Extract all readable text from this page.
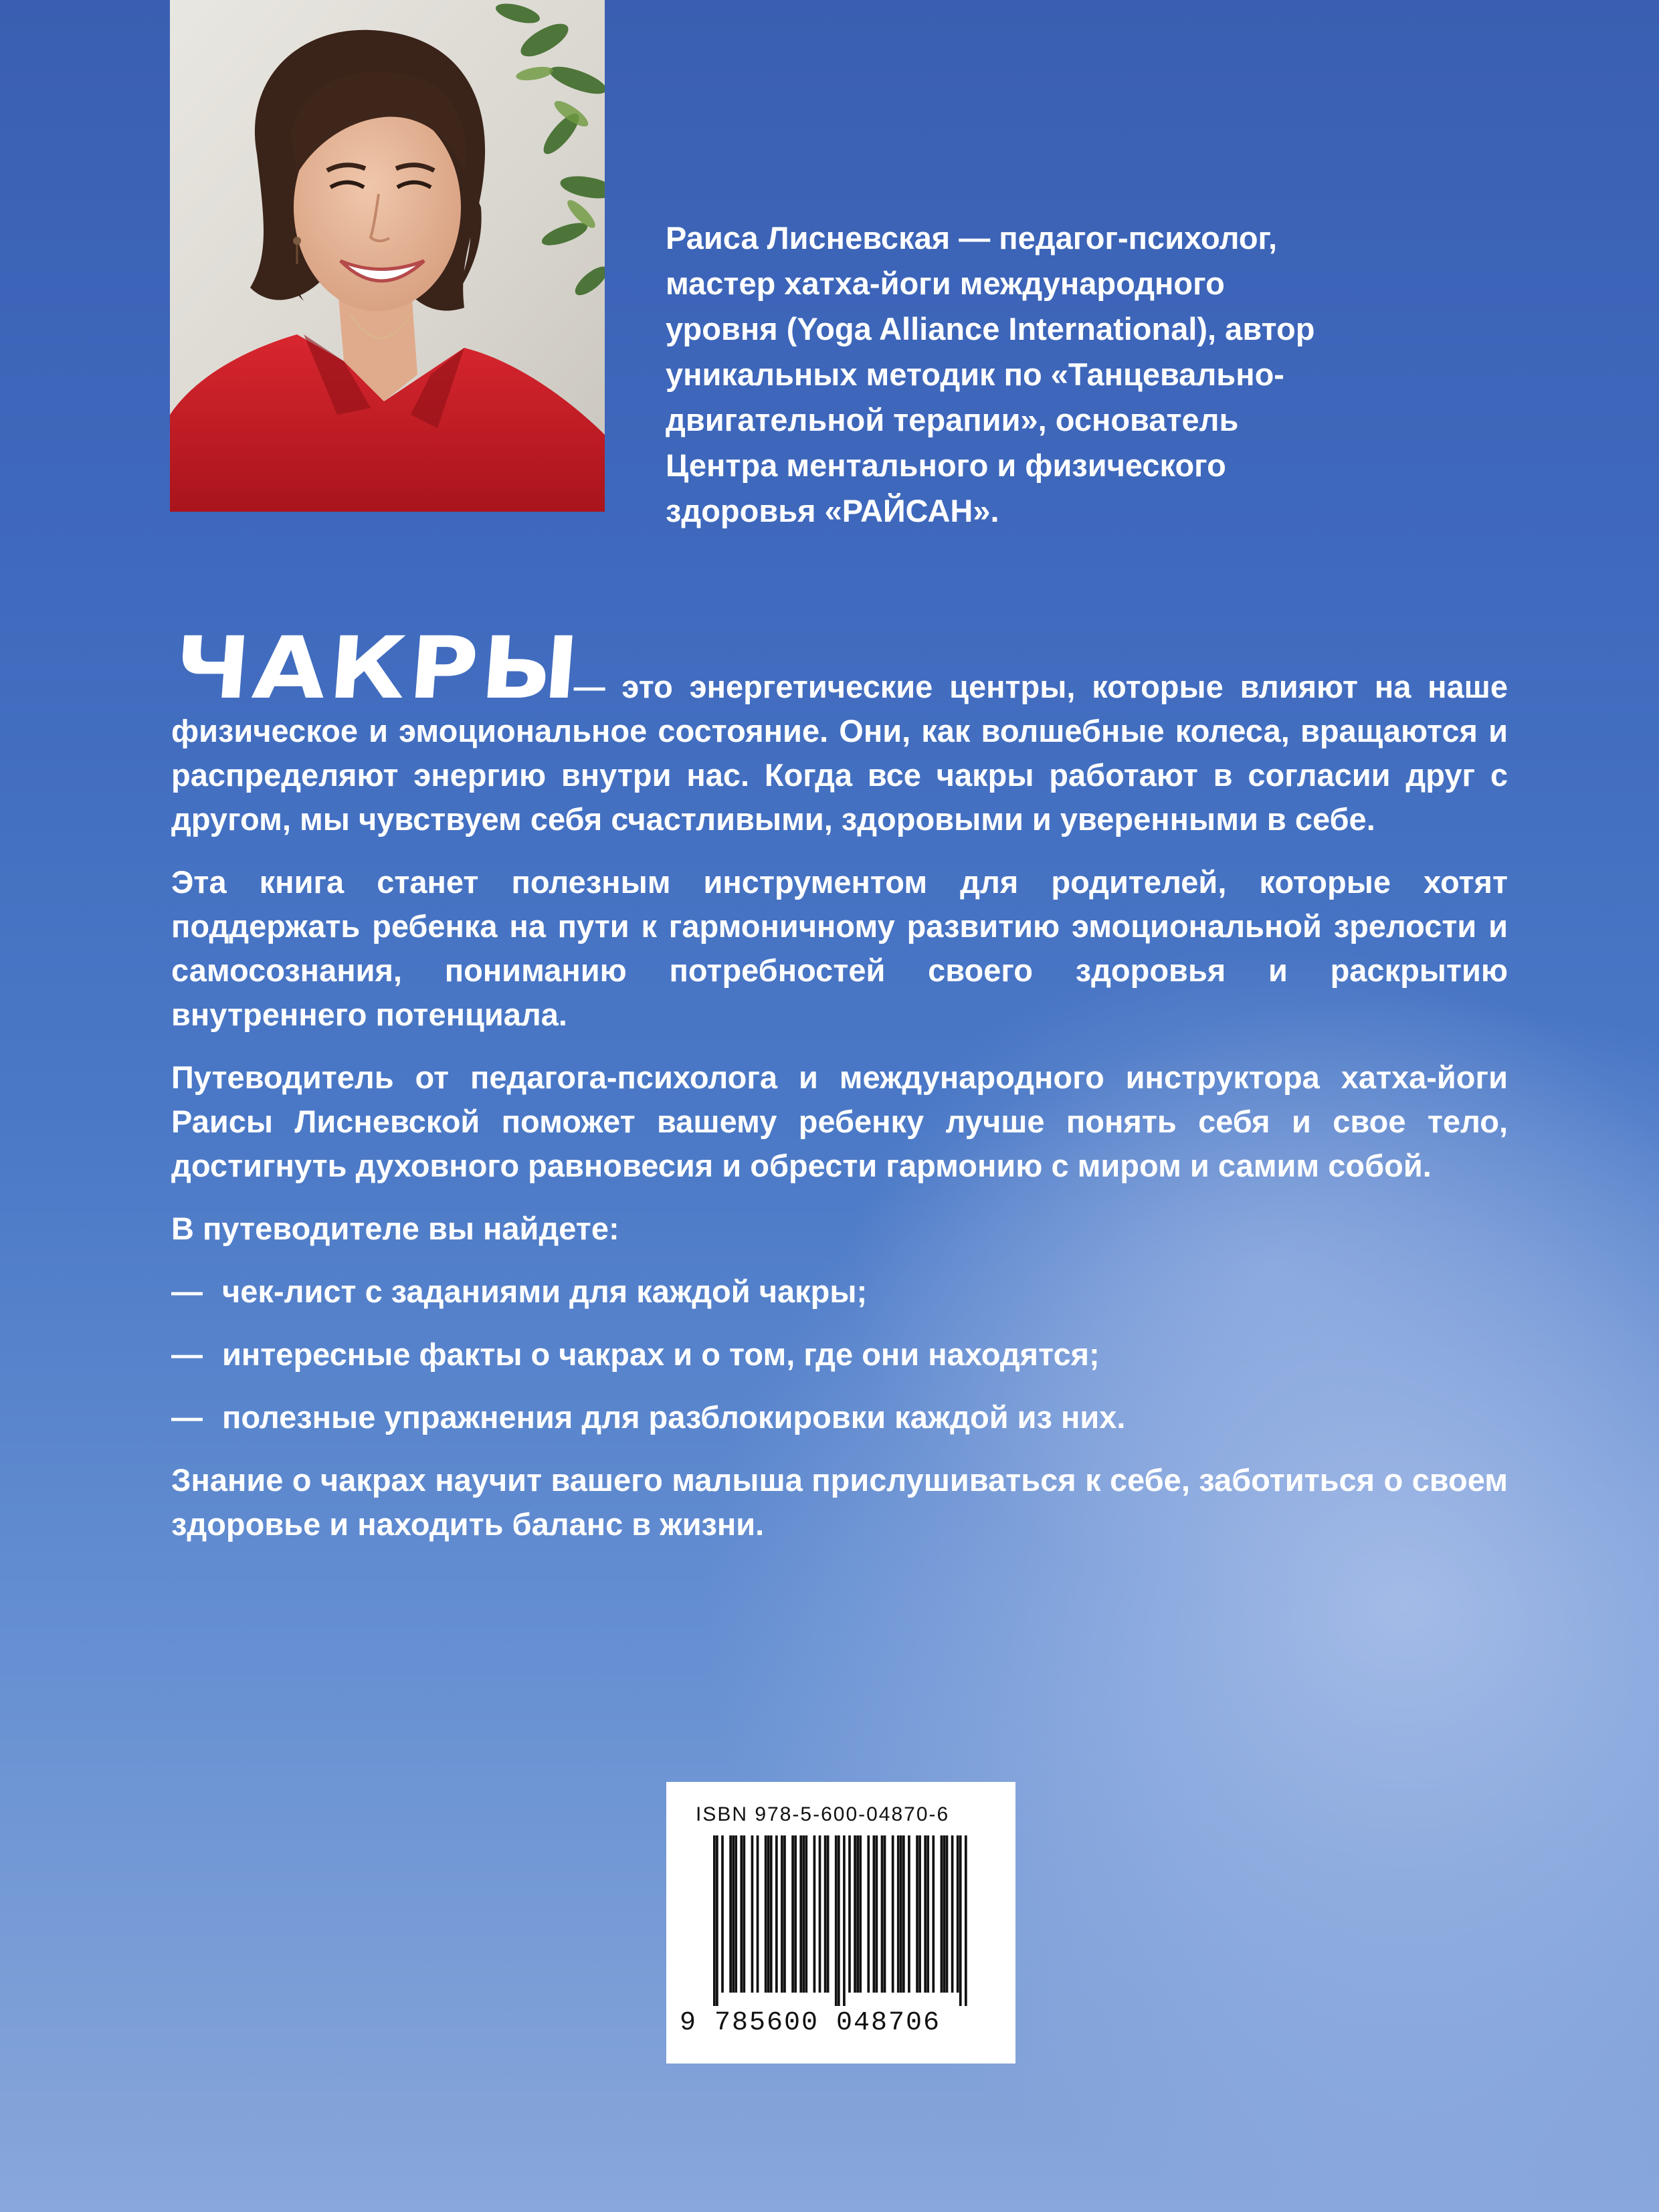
Раиса Лисневская — педагог-психолог,

мастер хатха-йоги международного

уровня (Yoga Alliance International), автор

уникальных методик по «Танцевально-

двигательной терапии», основатель

Центра ментального и физического

здоровья «РАЙСАН».

ЧАКРЫ— это энергетические центры, которые влияют на наше физическое и эмоциональное состояние. Они, как волшебные колеса, вращаются и распределяют энергию внутри нас. Когда все чакры работают в согласии друг с другом, мы чувствуем себя счастливыми, здоровыми и уверенными в себе.

Эта книга станет полезным инструментом для родителей, которые хотят поддержать ребенка на пути к гармоничному развитию эмоциональной зрелости и самосознания, пониманию потребностей своего здоровья и раскрытию внутреннего потенциала.

Путеводитель от педагога-психолога и международного инструктора хатха-йоги Раисы Лисневской поможет вашему ребенку лучше понять себя и свое тело, достигнуть духовного равновесия и обрести гармонию с миром и самим собой.

В путеводителе вы найдете:

— чек-лист с заданиями для каждой чакры;
— интересные факты о чакрах и о том, где они находятся;
— полезные упражнения для разблокировки каждой из них.

Знание о чакрах научит вашего малыша прислушиваться к себе, заботиться о своем здоровье и находить баланс в жизни.

ISBN 978-5-600-04870-6
9 785600 048706
